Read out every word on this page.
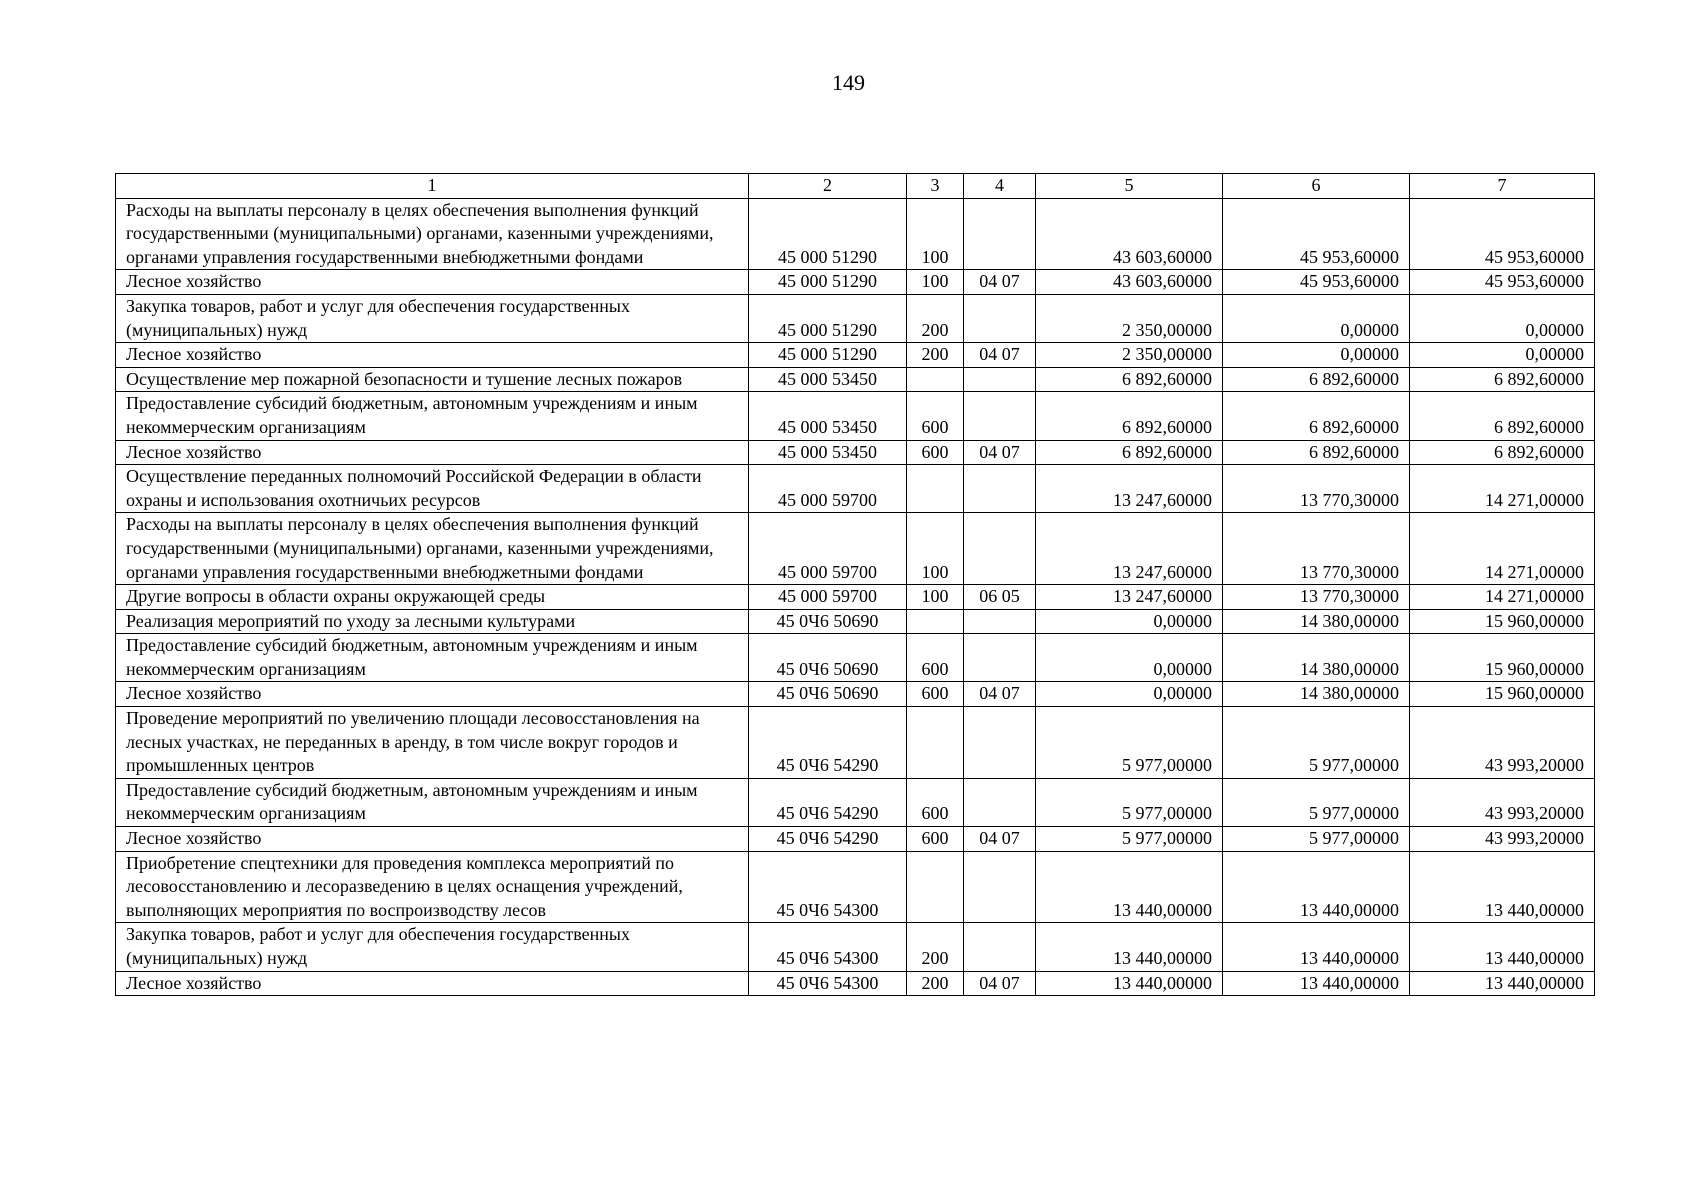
149
1	2	3	4	5	6	7
Расходы на выплаты персоналу в целях обеспечения выполнения функций государственными (муниципальными) органами, казенными учреждениями, органами управления государственными внебюджетными фондами	45 000 51290	100		43 603,60000	45 953,60000	45 953,60000
Лесное хозяйство	45 000 51290	100	04 07	43 603,60000	45 953,60000	45 953,60000
Закупка товаров, работ и услуг для обеспечения государственных (муниципальных) нужд	45 000 51290	200		2 350,00000	0,00000	0,00000
Лесное хозяйство	45 000 51290	200	04 07	2 350,00000	0,00000	0,00000
Осуществление мер пожарной безопасности и тушение лесных пожаров	45 000 53450			6 892,60000	6 892,60000	6 892,60000
Предоставление субсидий бюджетным, автономным учреждениям и иным некоммерческим организациям	45 000 53450	600		6 892,60000	6 892,60000	6 892,60000
Лесное хозяйство	45 000 53450	600	04 07	6 892,60000	6 892,60000	6 892,60000
Осуществление переданных полномочий Российской Федерации в области охраны и использования охотничьих ресурсов	45 000 59700			13 247,60000	13 770,30000	14 271,00000
Расходы на выплаты персоналу в целях обеспечения выполнения функций государственными (муниципальными) органами, казенными учреждениями, органами управления государственными внебюджетными фондами	45 000 59700	100		13 247,60000	13 770,30000	14 271,00000
Другие вопросы в области охраны окружающей среды	45 000 59700	100	06 05	13 247,60000	13 770,30000	14 271,00000
Реализация мероприятий по уходу за лесными культурами	45 0Ч6 50690			0,00000	14 380,00000	15 960,00000
Предоставление субсидий бюджетным, автономным учреждениям и иным некоммерческим организациям	45 0Ч6 50690	600		0,00000	14 380,00000	15 960,00000
Лесное хозяйство	45 0Ч6 50690	600	04 07	0,00000	14 380,00000	15 960,00000
Проведение мероприятий по увеличению площади лесовосстановления на лесных участках, не переданных в аренду, в том числе вокруг городов и промышленных центров	45 0Ч6 54290			5 977,00000	5 977,00000	43 993,20000
Предоставление субсидий бюджетным, автономным учреждениям и иным некоммерческим организациям	45 0Ч6 54290	600		5 977,00000	5 977,00000	43 993,20000
Лесное хозяйство	45 0Ч6 54290	600	04 07	5 977,00000	5 977,00000	43 993,20000
Приобретение спецтехники для проведения комплекса мероприятий по лесовосстановлению и лесоразведению в целях оснащения учреждений, выполняющих мероприятия по воспроизводству лесов	45 0Ч6 54300			13 440,00000	13 440,00000	13 440,00000
Закупка товаров, работ и услуг для обеспечения государственных (муниципальных) нужд	45 0Ч6 54300	200		13 440,00000	13 440,00000	13 440,00000
Лесное хозяйство	45 0Ч6 54300	200	04 07	13 440,00000	13 440,00000	13 440,00000
